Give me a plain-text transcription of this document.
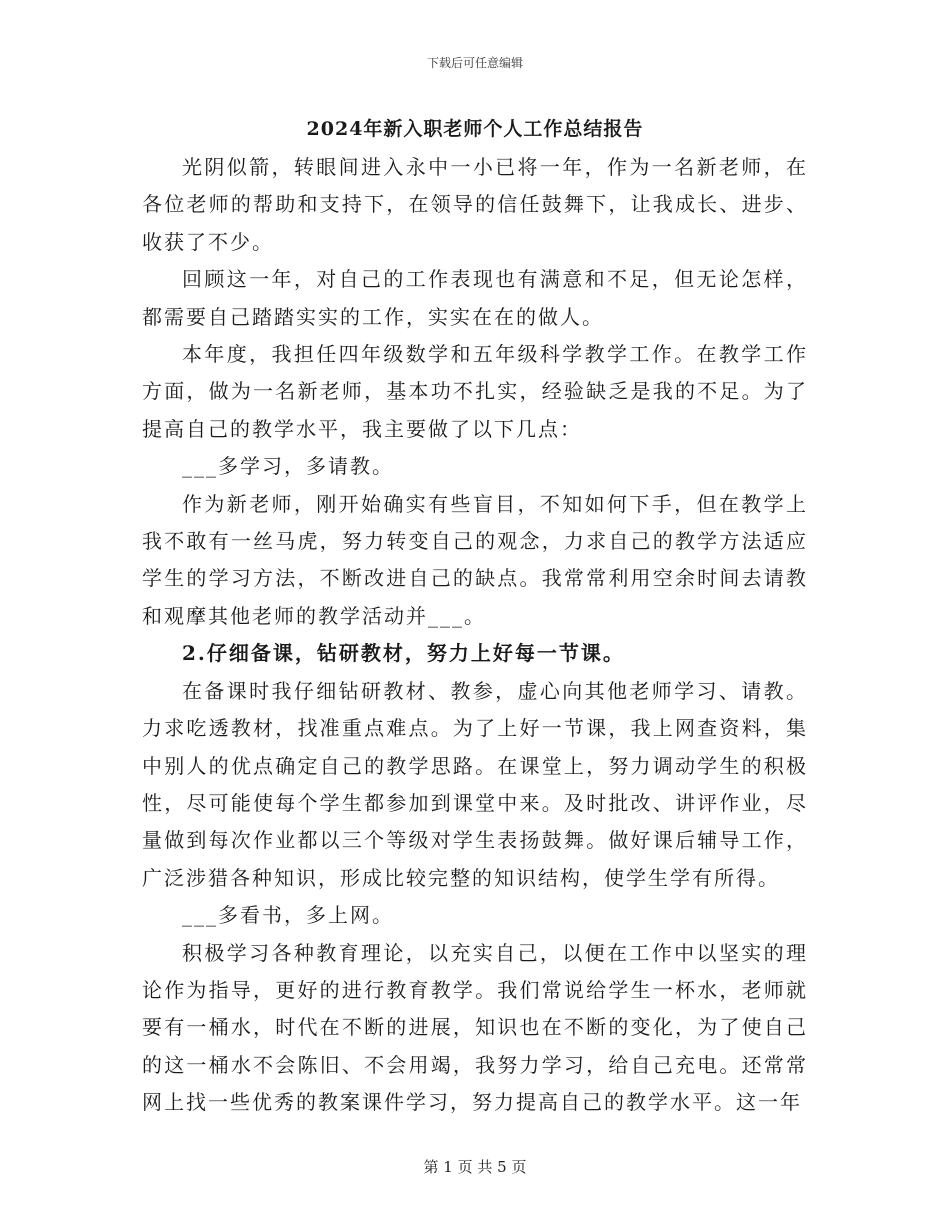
下载后可任意编辑
2024年新入职老师个人工作总结报告

光阴似箭，转眼间进入永中一小已将一年，作为一名新老师，在各位老师的帮助和支持下，在领导的信任鼓舞下，让我成长、进步、收获了不少。

回顾这一年，对自己的工作表现也有满意和不足，但无论怎样，都需要自己踏踏实实的工作，实实在在的做人。

本年度，我担任四年级数学和五年级科学教学工作。在教学工作方面，做为一名新老师，基本功不扎实，经验缺乏是我的不足。为了提高自己的教学水平，我主要做了以下几点：

___多学习，多请教。

作为新老师，刚开始确实有些盲目，不知如何下手，但在教学上我不敢有一丝马虎，努力转变自己的观念，力求自己的教学方法适应学生的学习方法，不断改进自己的缺点。我常常利用空余时间去请教和观摩其他老师的教学活动并___。

2.仔细备课，钻研教材，努力上好每一节课。

在备课时我仔细钻研教材、教参，虚心向其他老师学习、请教。力求吃透教材，找准重点难点。为了上好一节课，我上网查资料，集中别人的优点确定自己的教学思路。在课堂上，努力调动学生的积极性，尽可能使每个学生都参加到课堂中来。及时批改、讲评作业，尽量做到每次作业都以三个等级对学生表扬鼓舞。做好课后辅导工作，广泛涉猎各种知识，形成比较完整的知识结构，使学生学有所得。

___多看书，多上网。

积极学习各种教育理论，以充实自己，以便在工作中以坚实的理论作为指导，更好的进行教育教学。我们常说给学生一杯水，老师就要有一桶水，时代在不断的进展，知识也在不断的变化，为了使自己的这一桶水不会陈旧、不会用竭，我努力学习，给自己充电。还常常网上找一些优秀的教案课件学习，努力提高自己的教学水平。这一年

第 1 页 共 5 页
